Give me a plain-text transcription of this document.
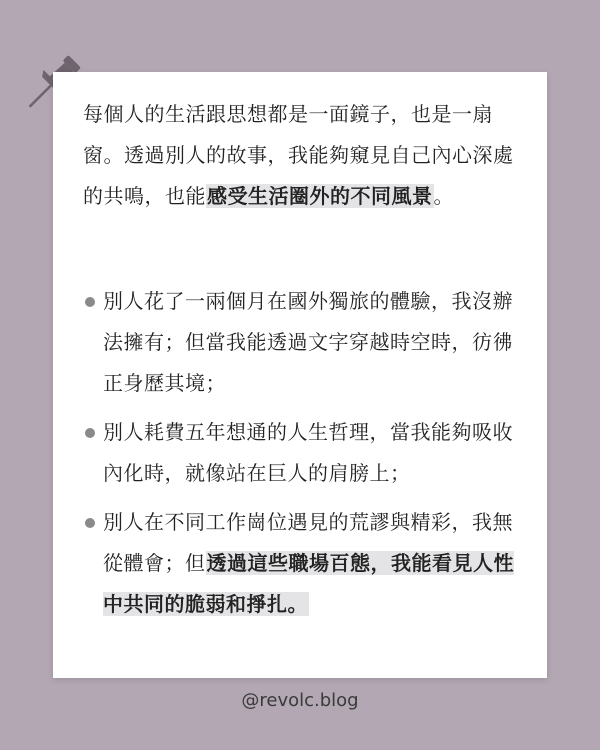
每個人的生活跟思想都是一面鏡子，也是一扇窗。透過別人的故事，我能夠窺見自己內心深處的共鳴，也能感受生活圈外的不同風景。

別人花了一兩個月在國外獨旅的體驗，我沒辦法擁有；但當我能透過文字穿越時空時，彷彿正身歷其境；
別人耗費五年想通的人生哲理，當我能夠吸收內化時，就像站在巨人的肩膀上；
別人在不同工作崗位遇見的荒謬與精彩，我無從體會；但透過這些職場百態，我能看見人性中共同的脆弱和掙扎。
@revolc.blog
